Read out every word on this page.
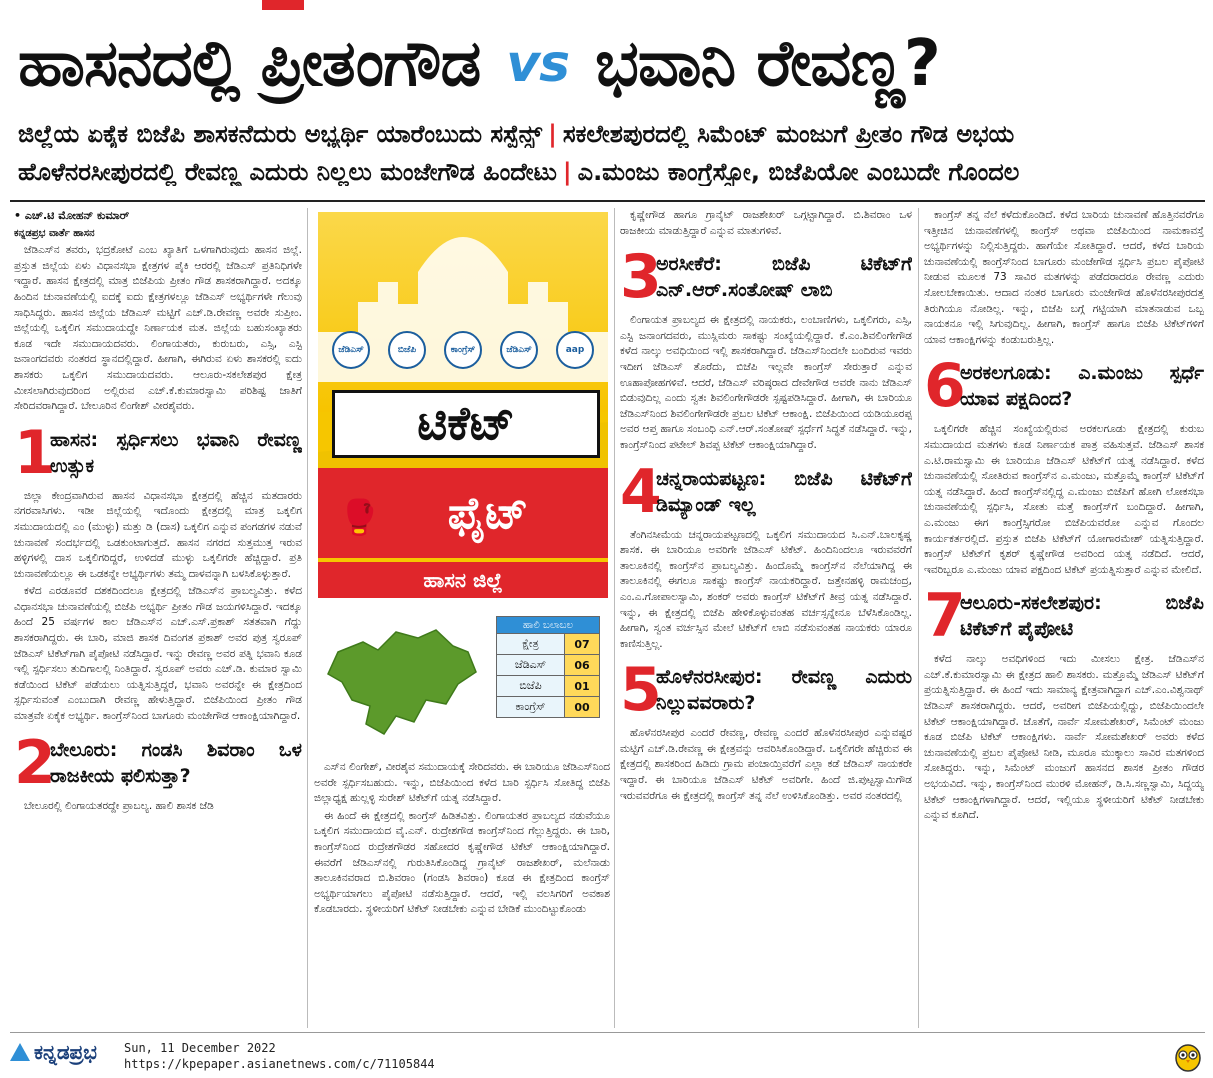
ಹಾಸನದಲ್ಲಿ ಪ್ರೀತಂಗೌಡ vs ಭವಾನಿ ರೇವಣ್ಣ?
ಜಿಲ್ಲೆಯ ಏಕೈಕ ಬಿಜೆಪಿ ಶಾಸಕನೆದುರು ಅಭ್ಯರ್ಥಿ ಯಾರೆಂಬುದು ಸಸ್ಪೆನ್ಸ್ | ಸಕಲೇಶಪುರದಲ್ಲಿ ಸಿಮೆಂಟ್ ಮಂಜುಗೆ ಪ್ರೀತಂ ಗೌಡ ಅಭಯ
ಹೊಳೆನರಸೀಪುರದಲ್ಲಿ ರೇವಣ್ಣ ಎದುರು ನಿಲ್ಲಲು ಮಂಜೇಗೌಡ ಹಿಂದೇಟು | ಎ.ಮಂಜು ಕಾಂಗ್ರೆಸ್ಸೋ, ಬಿಜೆಪಿಯೋ ಎಂಬುದೇ ಗೊಂದಲ
• ಎಚ್.ಟಿ ಮೋಹನ್ ಕುಮಾರ್
ಕನ್ನಡಪ್ರಭ ವಾರ್ತೆ ಹಾಸನ

ಜೆಡಿಎಸ್‌ನ ತವರು, ಭದ್ರಕೋಟೆ ಎಂಬ ಖ್ಯಾತಿಗೆ ಒಳಗಾಗಿರುವುದು ಹಾಸನ ಜಿಲ್ಲೆ. ಪ್ರಸ್ತುತ ಜಿಲ್ಲೆಯ ಏಳು ವಿಧಾನಸಭಾ ಕ್ಷೇತ್ರಗಳ ಪೈಕಿ ಆರರಲ್ಲಿ ಜೆಡಿಎಸ್ ಪ್ರತಿನಿಧಿಗಳೇ ಇದ್ದಾರೆ. ಹಾಸನ ಕ್ಷೇತ್ರದಲ್ಲಿ ಮಾತ್ರ ಬಿಜೆಪಿಯ ಪ್ರೀತಂ ಗೌಡ ಶಾಸಕರಾಗಿದ್ದಾರೆ. ಅದಕ್ಕೂ ಹಿಂದಿನ ಚುನಾವಣೆಯಲ್ಲಿ ಐದಕ್ಕೆ ಐದು ಕ್ಷೇತ್ರಗಳಲ್ಲೂ ಜೆಡಿಎಸ್ ಅಭ್ಯರ್ಥಿಗಳೇ ಗೆಲುವು ಸಾಧಿಸಿದ್ದರು. ಹಾಸನ ಜಿಲ್ಲೆಯ ಜೆಡಿಎಸ್ ಮಟ್ಟಿಗೆ ಎಚ್.ಡಿ.ರೇವಣ್ಣ ಅವರೇ ಸುಪ್ರೀಂ. ಜಿಲ್ಲೆಯಲ್ಲಿ ಒಕ್ಕಲಿಗ ಸಮುದಾಯದ್ದೇ ನಿರ್ಣಾಯಕ ಮತ. ಜಿಲ್ಲೆಯ ಬಹುಸಂಖ್ಯಾತರು ಕೂಡ ಇದೇ ಸಮುದಾಯದವರು. ಲಿಂಗಾಯತರು, ಕುರುಬರು, ಎಸ್ಸಿ, ಎಸ್ಟಿ ಜನಾಂಗದವರು ನಂತರದ ಸ್ಥಾನದಲ್ಲಿದ್ದಾರೆ. ಹೀಗಾಗಿ, ಈಗಿರುವ ಏಳು ಶಾಸಕರಲ್ಲಿ ಐದು ಶಾಸಕರು ಒಕ್ಕಲಿಗ ಸಮುದಾಯದವರು. ಆಲೂರು-ಸಕಲೇಶಪುರ ಕ್ಷೇತ್ರ ಮೀಸಲಾಗಿರುವುದರಿಂದ ಅಲ್ಲಿರುವ ಎಚ್.ಕೆ.ಕುಮಾರಸ್ವಾಮಿ ಪರಿಶಿಷ್ಟ ಜಾತಿಗೆ ಸೇರಿದವರಾಗಿದ್ದಾರೆ. ಬೇಲೂರಿನ ಲಿಂಗೇಶ್ ವೀರಶೈವರು.

1
ಹಾಸನ: ಸ್ಪರ್ಧಿಸಲು ಭವಾನಿ ರೇವಣ್ಣ ಉತ್ಸುಕ

ಜಿಲ್ಲಾ ಕೇಂದ್ರವಾಗಿರುವ ಹಾಸನ ವಿಧಾನಸಭಾ ಕ್ಷೇತ್ರದಲ್ಲಿ ಹೆಚ್ಚಿನ ಮತದಾರರು ನಗರವಾಸಿಗಳು. ಇಡೀ ಜಿಲ್ಲೆಯಲ್ಲಿ ಇದೊಂದು ಕ್ಷೇತ್ರದಲ್ಲಿ ಮಾತ್ರ ಒಕ್ಕಲಿಗ ಸಮುದಾಯದಲ್ಲಿ ಎಂ (ಮುಳ್ಳು) ಮತ್ತು ಡಿ (ದಾಸ) ಒಕ್ಕಲಿಗ ಎನ್ನುವ ಪಂಗಡಗಳ ನಡುವೆ ಚುನಾವಣೆ ಸಂದರ್ಭದಲ್ಲಿ ಒಡಕುಂಟಾಗುತ್ತದೆ. ಹಾಸನ ನಗರದ ಸುತ್ತಮುತ್ತ ಇರುವ ಹಳ್ಳಿಗಳಲ್ಲಿ ದಾಸ ಒಕ್ಕಲಿಗರಿದ್ದರೆ, ಉಳಿದಡೆ ಮುಳ್ಳು ಒಕ್ಕಲಿಗರೇ ಹೆಚ್ಚಿದ್ದಾರೆ. ಪ್ರತಿ ಚುನಾವಣೆಯಲ್ಲೂ ಈ ಒಡಕನ್ನೇ ಅಭ್ಯರ್ಥಿಗಳು ತಮ್ಮ ದಾಳವನ್ನಾಗಿ ಬಳಸಿಕೊಳ್ಳುತ್ತಾರೆ.

ಕಳೆದ ಎರಡೂವರೆ ದಶಕದಿಂದಲೂ ಕ್ಷೇತ್ರದಲ್ಲಿ ಜೆಡಿಎಸ್‌ನ ಪ್ರಾಬಲ್ಯವಿತ್ತು. ಕಳೆದ ವಿಧಾನಸಭಾ ಚುನಾವಣೆಯಲ್ಲಿ ಬಿಜೆಪಿ ಅಭ್ಯರ್ಥಿ ಪ್ರೀತಂ ಗೌಡ ಜಯಗಳಿಸಿದ್ದಾರೆ. ಇದಕ್ಕೂ ಹಿಂದೆ 25 ವರ್ಷಗಳ ಕಾಲ ಜೆಡಿಎಸ್‌ನ ಎಚ್.ಎಸ್.ಪ್ರಕಾಶ್ ಸತತವಾಗಿ ಗೆದ್ದು ಶಾಸಕರಾಗಿದ್ದರು. ಈ ಬಾರಿ, ಮಾಜಿ ಶಾಸಕ ದಿವಂಗತ ಪ್ರಕಾಶ್ ಅವರ ಪುತ್ರ ಸ್ವರೂಪ್ ಜೆಡಿಎಸ್ ಟಿಕೆಟ್‌ಗಾಗಿ ಪೈಪೋಟಿ ನಡೆಸಿದ್ದಾರೆ. ಇನ್ನು ರೇವಣ್ಣ ಅವರ ಪತ್ನಿ ಭವಾನಿ ಕೂಡ ಇಲ್ಲಿ ಸ್ಪರ್ಧಿಸಲು ತುದಿಗಾಲಲ್ಲಿ ನಿಂತಿದ್ದಾರೆ. ಸ್ವರೂಪ್ ಅವರು ಎಚ್.ಡಿ. ಕುಮಾರ ಸ್ವಾಮಿ ಕಡೆಯಿಂದ ಟಿಕೆಟ್ ಪಡೆಯಲು ಯತ್ನಿಸುತ್ತಿದ್ದರೆ, ಭವಾನಿ ಅವರನ್ನೇ ಈ ಕ್ಷೇತ್ರದಿಂದ ಸ್ಪರ್ಧಿಸುವಂತೆ ಎಂಬುದಾಗಿ ರೇವಣ್ಣ ಹೇಳುತ್ತಿದ್ದಾರೆ. ಬಿಜೆಪಿಯಿಂದ ಪ್ರೀತಂ ಗೌಡ ಮಾತ್ರವೇ ಏಕೈಕ ಅಭ್ಯರ್ಥಿ. ಕಾಂಗ್ರೆಸ್‌ನಿಂದ ಬಾಗೂರು ಮಂಜೇಗೌಡ ಆಕಾಂಕ್ಷಿಯಾಗಿದ್ದಾರೆ.

2
ಬೇಲೂರು: ಗಂಡಸಿ ಶಿವರಾಂ ಒಳ ರಾಜಕೀಯ ಫಲಿಸುತ್ತಾ?

ಬೇಲೂರಲ್ಲಿ ಲಿಂಗಾಯತರದ್ದೇ ಪ್ರಾಬಲ್ಯ. ಹಾಲಿ ಶಾಸಕ ಜೆಡಿ

ಜೆಡಿಎಸ್	ಬಿಜೆಪಿ	ಕಾಂಗ್ರೆಸ್	ಜೆಡಿಎಸ್	aap
ಟಿಕೆಟ್
🥊	ಫೈಟ್
ಹಾಸನ ಜಿಲ್ಲೆ
ಹಾಲಿ ಬಲಾಬಲ	
ಕ್ಷೇತ್ರ	07
ಜೆಡಿಎಸ್	06
ಬಿಜೆಪಿ	01
ಕಾಂಗ್ರೆಸ್	00

ಎಸ್‌ನ ಲಿಂಗೇಶ್, ವೀರಶೈವ ಸಮುದಾಯಕ್ಕೆ ಸೇರಿದವರು. ಈ ಬಾರಿಯೂ ಜೆಡಿಎಸ್‌ನಿಂದ ಅವರೇ ಸ್ಪರ್ಧಿಸಬಹುದು. ಇನ್ನು, ಬಿಜೆಪಿಯಿಂದ ಕಳೆದ ಬಾರಿ ಸ್ಪರ್ಧಿಸಿ ಸೋತಿದ್ದ ಬಿಜೆಪಿ ಜಿಲ್ಲಾಧ್ಯಕ್ಷ ಹುಲ್ಲಳ್ಳಿ ಸುರೇಶ್ ಟಿಕೆಟ್‌ಗೆ ಯತ್ನ ನಡೆಸಿದ್ದಾರೆ.

ಈ ಹಿಂದೆ ಈ ಕ್ಷೇತ್ರದಲ್ಲಿ ಕಾಂಗ್ರೆಸ್ ಹಿಡಿತವಿತ್ತು. ಲಿಂಗಾಯತರ ಪ್ರಾಬಲ್ಯದ ನಡುವೆಯೂ ಒಕ್ಕಲಿಗ ಸಮುದಾಯದ ವೈ.ಎನ್. ರುದ್ರೇಶಗೌಡ ಕಾಂಗ್ರೆಸ್‌ನಿಂದ ಗೆಲ್ಲುತ್ತಿದ್ದರು. ಈ ಬಾರಿ, ಕಾಂಗ್ರೆಸ್‌ನಿಂದ ರುದ್ರೇಶಗೌಡರ ಸಹೋದರ ಕೃಷ್ಣೇಗೌಡ ಟಿಕೆಟ್ ಆಕಾಂಕ್ಷಿಯಾಗಿದ್ದಾರೆ. ಈವರೆಗೆ ಜೆಡಿಎಸ್‌ನಲ್ಲಿ ಗುರುತಿಸಿಕೊಂಡಿದ್ದ ಗ್ರಾನೈಟ್ ರಾಜಶೇಖರ್, ಮಲೆನಾಡು ತಾಲೂಕಿನವರಾದ ಬಿ.ಶಿವರಾಂ (ಗಂಡಸಿ ಶಿವರಾಂ) ಕೂಡ ಈ ಕ್ಷೇತ್ರದಿಂದ ಕಾಂಗ್ರೆಸ್ ಅಭ್ಯರ್ಥಿಯಾಗಲು ಪೈಪೋಟಿ ನಡೆಸುತ್ತಿದ್ದಾರೆ. ಆದರೆ, ಇಲ್ಲಿ ವಲಸಿಗರಿಗೆ ಅವಕಾಶ ಕೊಡಬಾರದು. ಸ್ಥಳೀಯರಿಗೆ ಟಿಕೆಟ್ ನೀಡಬೇಕು ಎನ್ನುವ ಬೇಡಿಕೆ ಮುಂದಿಟ್ಟುಕೊಂಡು

ಕೃಷ್ಣೇಗೌಡ ಹಾಗೂ ಗ್ರಾನೈಟ್ ರಾಜಶೇಖರ್ ಒಗ್ಗಟ್ಟಾಗಿದ್ದಾರೆ. ಬಿ.ಶಿವರಾಂ ಒಳ ರಾಜಕೀಯ ಮಾಡುತ್ತಿದ್ದಾರೆ ಎನ್ನುವ ಮಾತುಗಳಿವೆ.

3
ಅರಸೀಕೆರೆ: ಬಿಜೆಪಿ ಟಿಕೆಟ್‌ಗೆ ಎನ್.ಆರ್.ಸಂತೋಷ್ ಲಾಬಿ

ಲಿಂಗಾಯತ ಪ್ರಾಬಲ್ಯದ ಈ ಕ್ಷೇತ್ರದಲ್ಲಿ ನಾಯಕರು, ಲಂಬಾಣಿಗಳು, ಒಕ್ಕಲಿಗರು, ಎಸ್ಸಿ, ಎಸ್ಟಿ ಜನಾಂಗದವರು, ಮುಸ್ಲಿಮರು ಸಾಕಷ್ಟು ಸಂಖ್ಯೆಯಲ್ಲಿದ್ದಾರೆ. ಕೆ.ಎಂ.ಶಿವಲಿಂಗೇಗೌಡ ಕಳೆದ ನಾಲ್ಕು ಅವಧಿಯಿಂದ ಇಲ್ಲಿ ಶಾಸಕರಾಗಿದ್ದಾರೆ. ಜೆಡಿಎಸ್‌ನಿಂದಲೇ ಬಂದಿರುವ ಇವರು ಇದೀಗ ಜೆಡಿಎಸ್ ತೊರೆದು, ಬಿಜೆಪಿ ಇಲ್ಲವೇ ಕಾಂಗ್ರೆಸ್ ಸೇರುತ್ತಾರೆ ಎನ್ನುವ ಊಹಾಪೋಹಗಳಿವೆ. ಆದರೆ, ಜೆಡಿಎಸ್ ವರಿಷ್ಠರಾದ ದೇವೇಗೌಡ ಅವರೇ ನಾನು ಜೆಡಿಎಸ್ ಬಿಡುವುದಿಲ್ಲ ಎಂದು ಸ್ವತಃ ಶಿವಲಿಂಗೇಗೌಡರೇ ಸ್ಪಷ್ಟಪಡಿಸಿದ್ದಾರೆ. ಹೀಗಾಗಿ, ಈ ಬಾರಿಯೂ ಜೆಡಿಎಸ್‌ನಿಂದ ಶಿವಲಿಂಗೇಗೌಡರೇ ಪ್ರಬಲ ಟಿಕೆಟ್ ಆಕಾಂಕ್ಷಿ. ಬಿಜೆಪಿಯಿಂದ ಯಡಿಯೂರಪ್ಪ ಅವರ ಆಪ್ತ ಹಾಗೂ ಸಂಬಂಧಿ ಎನ್.ಆರ್.ಸಂತೋಷ್ ಸ್ಪರ್ಧೆಗೆ ಸಿದ್ಧತೆ ನಡೆಸಿದ್ದಾರೆ. ಇನ್ನು, ಕಾಂಗ್ರೆಸ್‌ನಿಂದ ಪಟೇಲ್ ಶಿವಪ್ಪ ಟಿಕೆಟ್ ಆಕಾಂಕ್ಷಿಯಾಗಿದ್ದಾರೆ.

4
ಚನ್ನರಾಯಪಟ್ಟಣ: ಬಿಜೆಪಿ ಟಿಕೆಟ್‌ಗೆ ಡಿಮ್ಯಾಂಡ್ ಇಲ್ಲ

ತೆಂಗಿನಸೀಮೆಯ ಚನ್ನರಾಯಪಟ್ಟಣದಲ್ಲಿ ಒಕ್ಕಲಿಗ ಸಮುದಾಯದ ಸಿ.ಎನ್.ಬಾಲಕೃಷ್ಣ ಶಾಸಕ. ಈ ಬಾರಿಯೂ ಅವರಿಗೇ ಜೆಡಿಎಸ್ ಟಿಕೆಟ್. ಹಿಂದಿನಿಂದಲೂ ಇರುವವರೆಗೆ ತಾಲೂಕಿನಲ್ಲಿ ಕಾಂಗ್ರೆಸ್‌ನ ಪ್ರಾಬಲ್ಯವಿತ್ತು. ಹಿಂದೊಮ್ಮೆ ಕಾಂಗ್ರೆಸ್‌ನ ನೆಲೆಯಾಗಿದ್ದ ಈ ತಾಲೂಕಿನಲ್ಲಿ ಈಗಲೂ ಸಾಕಷ್ಟು ಕಾಂಗ್ರೆಸ್ ನಾಯಕರಿದ್ದಾರೆ. ಜತ್ತೇನಹಳ್ಳಿ ರಾಮಚಂದ್ರ, ಎಂ.ಎ.ಗೋಪಾಲಸ್ವಾಮಿ, ಶಂಕರ್ ಅವರು ಕಾಂಗ್ರೆಸ್ ಟಿಕೆಟ್‌ಗೆ ತೀವ್ರ ಯತ್ನ ನಡೆಸಿದ್ದಾರೆ. ಇನ್ನು, ಈ ಕ್ಷೇತ್ರದಲ್ಲಿ ಬಿಜೆಪಿ ಹೇಳಿಕೊಳ್ಳುವಂತಹ ವರ್ಚಸ್ಸನ್ನೇನೂ ಬೆಳೆಸಿಕೊಂಡಿಲ್ಲ. ಹೀಗಾಗಿ, ಸ್ವಂತ ವರ್ಚಸ್ಸಿನ ಮೇಲೆ ಟಿಕೆಟ್‌ಗೆ ಲಾಬಿ ನಡೆಸುವಂತಹ ನಾಯಕರು ಯಾರೂ ಕಾಣಿಸುತ್ತಿಲ್ಲ.

5
ಹೊಳೆನರಸೀಪುರ: ರೇವಣ್ಣ ಎದುರು ನಿಲ್ಲುವವರಾರು?

ಹೊಳೆನರಸೀಪುರ ಎಂದರೆ ರೇವಣ್ಣ, ರೇವಣ್ಣ ಎಂದರೆ ಹೊಳೆನರಸೀಪುರ ಎನ್ನುವಷ್ಟರ ಮಟ್ಟಿಗೆ ಎಚ್.ಡಿ.ರೇವಣ್ಣ ಈ ಕ್ಷೇತ್ರವನ್ನು ಆವರಿಸಿಕೊಂಡಿದ್ದಾರೆ. ಒಕ್ಕಲಿಗರೇ ಹೆಚ್ಚಿರುವ ಈ ಕ್ಷೇತ್ರದಲ್ಲಿ ಶಾಸಕರಿಂದ ಹಿಡಿದು ಗ್ರಾಮ ಪಂಚಾಯ್ತಿವರೆಗೆ ಎಲ್ಲಾ ಕಡೆ ಜೆಡಿಎಸ್ ನಾಯಕರೇ ಇದ್ದಾರೆ. ಈ ಬಾರಿಯೂ ಜೆಡಿಎಸ್ ಟಿಕೆಟ್ ಅವರಿಗೇ. ಹಿಂದೆ ಜಿ.ಪುಟ್ಟಸ್ವಾಮಿಗೌಡ ಇರುವವರೆಗೂ ಈ ಕ್ಷೇತ್ರದಲ್ಲಿ ಕಾಂಗ್ರೆಸ್ ತನ್ನ ನೆಲೆ ಉಳಿಸಿಕೊಂಡಿತ್ತು. ಅವರ ನಂತರದಲ್ಲಿ

ಕಾಂಗ್ರೆಸ್ ತನ್ನ ನೆಲೆ ಕಳೆದುಕೊಂಡಿದೆ. ಕಳೆದ ಬಾರಿಯ ಚುನಾವಣೆ ಹೊತ್ತಿನವರೆಗೂ ಇತ್ತೀಚಿನ ಚುನಾವಣೆಗಳಲ್ಲಿ ಕಾಂಗ್ರೆಸ್ ಅಥವಾ ಬಿಜೆಪಿಯಿಂದ ನಾಮಕಾವಸ್ತೆ ಅಭ್ಯರ್ಥಿಗಳನ್ನು ನಿಲ್ಲಿಸುತ್ತಿದ್ದರು. ಹಾಗೆಯೇ ಸೋತಿದ್ದಾರೆ. ಆದರೆ, ಕಳೆದ ಬಾರಿಯ ಚುನಾವಣೆಯಲ್ಲಿ ಕಾಂಗ್ರೆಸ್‌ನಿಂದ ಬಾಗೂರು ಮಂಜೇಗೌಡ ಸ್ಪರ್ಧಿಸಿ ಪ್ರಬಲ ಪೈಪೋಟಿ ನೀಡುವ ಮೂಲಕ 73 ಸಾವಿರ ಮತಗಳನ್ನು ಪಡೆದರಾದರೂ ರೇವಣ್ಣ ಎದುರು ಸೋಲಬೇಕಾಯಿತು. ಆದಾದ ನಂತರ ಬಾಗೂರು ಮಂಜೇಗೌಡ ಹೊಳೆನರಸೀಪುರದತ್ತ ತಿರುಗಿಯೂ ನೋಡಿಲ್ಲ. ಇನ್ನು, ಬಿಜೆಪಿ ಬಗ್ಗೆ ಗಟ್ಟಿಯಾಗಿ ಮಾತನಾಡುವ ಒಬ್ಬ ನಾಯಕನೂ ಇಲ್ಲಿ ಸಿಗುವುದಿಲ್ಲ. ಹೀಗಾಗಿ, ಕಾಂಗ್ರೆಸ್ ಹಾಗೂ ಬಿಜೆಪಿ ಟಿಕೆಟ್‌ಗಳಿಗೆ ಯಾವ ಆಕಾಂಕ್ಷಿಗಳನ್ನು ಕಂಡುಬರುತ್ತಿಲ್ಲ.

6
ಅರಕಲಗೂಡು: ಎ.ಮಂಜು ಸ್ಪರ್ಧೆ ಯಾವ ಪಕ್ಷದಿಂದ?

ಒಕ್ಕಲಿಗರೇ ಹೆಚ್ಚಿನ ಸಂಖ್ಯೆಯಲ್ಲಿರುವ ಅರಕಲಗೂಡು ಕ್ಷೇತ್ರದಲ್ಲಿ ಕುರುಬ ಸಮುದಾಯದ ಮತಗಳು ಕೂಡ ನಿರ್ಣಾಯಕ ಪಾತ್ರ ವಹಿಸುತ್ತವೆ. ಜೆಡಿಎಸ್ ಶಾಸಕ ಎ.ಟಿ.ರಾಮಸ್ವಾಮಿ ಈ ಬಾರಿಯೂ ಜೆಡಿಎಸ್ ಟಿಕೆಟ್‌ಗೆ ಯತ್ನ ನಡೆಸಿದ್ದಾರೆ. ಕಳೆದ ಚುನಾವಣೆಯಲ್ಲಿ ಸೋತಿರುವ ಕಾಂಗ್ರೆಸ್‌ನ ಎ.ಮಂಜು, ಮತ್ತೊಮ್ಮೆ ಕಾಂಗ್ರೆಸ್ ಟಿಕೆಟ್‌ಗೆ ಯತ್ನ ನಡೆಸಿದ್ದಾರೆ. ಹಿಂದೆ ಕಾಂಗ್ರೆಸ್‌ನಲ್ಲಿದ್ದ ಎ.ಮಂಜು ಬಿಜೆಪಿಗೆ ಹೋಗಿ ಲೋಕಸಭಾ ಚುನಾವಣೆಯಲ್ಲಿ ಸ್ಪರ್ಧಿಸಿ, ಸೋತು ಮತ್ತೆ ಕಾಂಗ್ರೆಸ್‌ಗೆ ಬಂದಿದ್ದಾರೆ. ಹೀಗಾಗಿ, ಎ.ಮಂಜು ಈಗ ಕಾಂಗ್ರೆಸ್ಸಿಗರೋ ಬಿಜೆಪಿಯವರೋ ಎನ್ನುವ ಗೊಂದಲ ಕಾರ್ಯಕರ್ತರಲ್ಲಿದೆ. ಪ್ರಸ್ತುತ ಬಿಜೆಪಿ ಟಿಕೆಟ್‌ಗೆ ಯೋಗಾರಮೇಶ್ ಯತ್ನಿಸುತ್ತಿದ್ದಾರೆ. ಕಾಂಗ್ರೆಸ್ ಟಿಕೆಟ್‌ಗೆ ಕೃಶರ್ ಕೃಷ್ಣೇಗೌಡ ಅವರಿಂದ ಯತ್ನ ನಡೆದಿದೆ. ಆದರೆ, ಇವರಿಬ್ಬರೂ ಎ.ಮಂಜು ಯಾವ ಪಕ್ಷದಿಂದ ಟಿಕೆಟ್ ಪ್ರಯತ್ನಿಸುತ್ತಾರೆ ಎನ್ನುವ ಮೇಲಿದೆ.

7
ಆಲೂರು-ಸಕಲೇಶಪುರ: ಬಿಜೆಪಿ ಟಿಕೆಟ್‌ಗೆ ಪೈಪೋಟಿ

ಕಳೆದ ನಾಲ್ಕು ಅವಧಿಗಳಿಂದ ಇದು ಮೀಸಲು ಕ್ಷೇತ್ರ. ಜೆಡಿಎಸ್‌ನ ಎಚ್.ಕೆ.ಕುಮಾರಸ್ವಾಮಿ ಈ ಕ್ಷೇತ್ರದ ಹಾಲಿ ಶಾಸಕರು. ಮತ್ತೊಮ್ಮೆ ಜೆಡಿಎಸ್ ಟಿಕೆಟ್‌ಗೆ ಪ್ರಯತ್ನಿಸುತ್ತಿದ್ದಾರೆ. ಈ ಹಿಂದೆ ಇದು ಸಾಮಾನ್ಯ ಕ್ಷೇತ್ರವಾಗಿದ್ದಾಗ ಎಚ್.ಎಂ.ವಿಶ್ವನಾಥ್ ಜೆಡಿಎಸ್ ಶಾಸಕರಾಗಿದ್ದರು. ಆದರೆ, ಅವರೀಗ ಬಿಜೆಪಿಯಲ್ಲಿದ್ದು, ಬಿಜೆಪಿಯಿಂದಲೇ ಟಿಕೆಟ್ ಆಕಾಂಕ್ಷಿಯಾಗಿದ್ದಾರೆ. ಜೊತೆಗೆ, ನಾರ್ವೆ ಸೋಮಶೇಖರ್, ಸಿಮೆಂಟ್ ಮಂಜು ಕೂಡ ಬಿಜೆಪಿ ಟಿಕೆಟ್ ಆಕಾಂಕ್ಷಿಗಳು. ನಾರ್ವೆ ಸೋಮಶೇಖರ್ ಅವರು ಕಳೆದ ಚುನಾವಣೆಯಲ್ಲಿ ಪ್ರಬಲ ಪೈಪೋಟಿ ನೀಡಿ, ಮೂರೂ ಮುಕ್ಕಾಲು ಸಾವಿರ ಮತಗಳಿಂದ ಸೋತಿದ್ದರು. ಇನ್ನು, ಸಿಮೆಂಟ್ ಮಂಜುಗೆ ಹಾಸನದ ಶಾಸಕ ಪ್ರೀತಂ ಗೌಡರ ಅಭಯವಿದೆ. ಇನ್ನು, ಕಾಂಗ್ರೆಸ್‌ನಿಂದ ಮುರಳಿ ಮೋಹನ್, ಡಿ.ಸಿ.ಸಣ್ಣಸ್ವಾಮಿ, ಸಿದ್ದಯ್ಯ ಟಿಕೆಟ್ ಆಕಾಂಕ್ಷಿಗಳಾಗಿದ್ದಾರೆ. ಆದರೆ, ಇಲ್ಲಿಯೂ ಸ್ಥಳೀಯರಿಗೆ ಟಿಕೆಟ್ ನೀಡಬೇಕು ಎನ್ನುವ ಕೂಗಿದೆ.

ಕನ್ನಡಪ್ರಭ Sun, 11 December 2022
https://kpepaper.asianetnews.com/c/71105844
